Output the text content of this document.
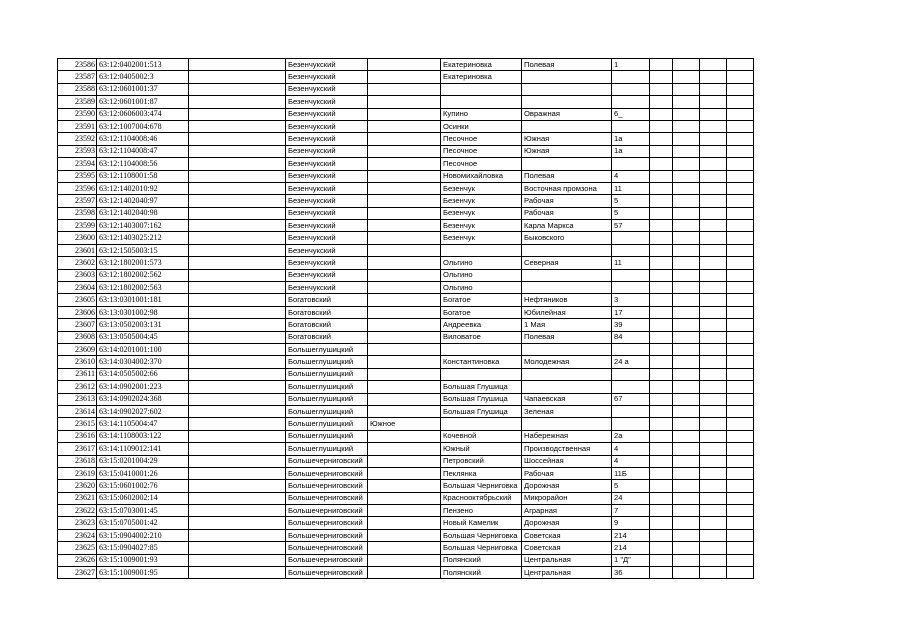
23586	63:12:0402001:513		Безенчукский		Екатериновка	Полевая	1				
23587	63:12:0405002:3		Безенчукский		Екатериновка						
23588	63:12:0601001:37		Безенчукский								
23589	63:12:0601001:87		Безенчукский								
23590	63:12:0606003:474		Безенчукский		Купино	Овражная	6_				
23591	63:12:1007004:678		Безенчукский		Осинки						
23592	63:12:1104008:46		Безенчукский		Песочное	Южная	1а				
23593	63:12:1104008:47		Безенчукский		Песочное	Южная	1а				
23594	63:12:1104008:56		Безенчукский		Песочное						
23595	63:12:1108001:58		Безенчукский		Новомихайловка	Полевая	4				
23596	63:12:1402010:92		Безенчукский		Безенчук	Восточная промзона	11				
23597	63:12:1402040:97		Безенчукский		Безенчук	Рабочая	5				
23598	63:12:1402040:98		Безенчукский		Безенчук	Рабочая	5				
23599	63:12:1403007:162		Безенчукский		Безенчук	Карла Маркса	57				
23600	63:12:1403025:212		Безенчукский		Безенчук	Быковского					
23601	63:12:1505003:15		Безенчукский								
23602	63:12:1802001:573		Безенчукский		Ольгино	Северная	11				
23603	63:12:1802002:562		Безенчукский		Ольгино						
23604	63:12:1802002:563		Безенчукский		Ольгино						
23605	63:13:0301001:181		Богатовский		Богатое	Нефтяников	3				
23606	63:13:0301002:98		Богатовский		Богатое	Юбилейная	17				
23607	63:13:0502003:131		Богатовский		Андреевка	1 Мая	39				
23608	63:13:0505004:45		Богатовский		Виловатое	Полевая	84				
23609	63:14:0201001:100		Большеглушицкий								
23610	63:14:0304002:370		Большеглушицкий		Константиновка	Молодежная	24 а				
23611	63:14:0505002:66		Большеглушицкий								
23612	63:14:0902001:223		Большеглушицкий		Большая Глушица						
23613	63:14:0902024:368		Большеглушицкий		Большая Глушица	Чапаевская	67				
23614	63:14:0902027:602		Большеглушицкий		Большая Глушица	Зеленая					
23615	63:14:1105004:47		Большеглушицкий	Южное							
23616	63:14:1108003:122		Большеглушицкий		Кочевной	Набережная	2а				
23617	63:14:1109012:141		Большеглушицкий		Южный	Производственная	4				
23618	63:15:0201004:29		Большечерниговский		Петровский	Шоссейная	4				
23619	63:15:0410001:26		Большечерниговский		Пеклянка	Рабочая	11Б				
23620	63:15:0601002:76		Большечерниговский		Большая Черниговка	Дорожная	5				
23621	63:15:0602002:14		Большечерниговский		Краснооктябрьский	Микрорайон	24				
23622	63:15:0703001:45		Большечерниговский		Пензено	Аграрная	7				
23623	63:15:0705001:42		Большечерниговский		Новый Камелик	Дорожная	9				
23624	63:15:0904002:210		Большечерниговский		Большая Черниговка	Советская	214				
23625	63:15:0904027:85		Большечерниговский		Большая Черниговка	Советская	214				
23626	63:15:1009001:93		Большечерниговский		Полянский	Центральная	1 "Д"				
23627	63:15:1009001:95		Большечерниговский		Полянский	Центральная	36				
